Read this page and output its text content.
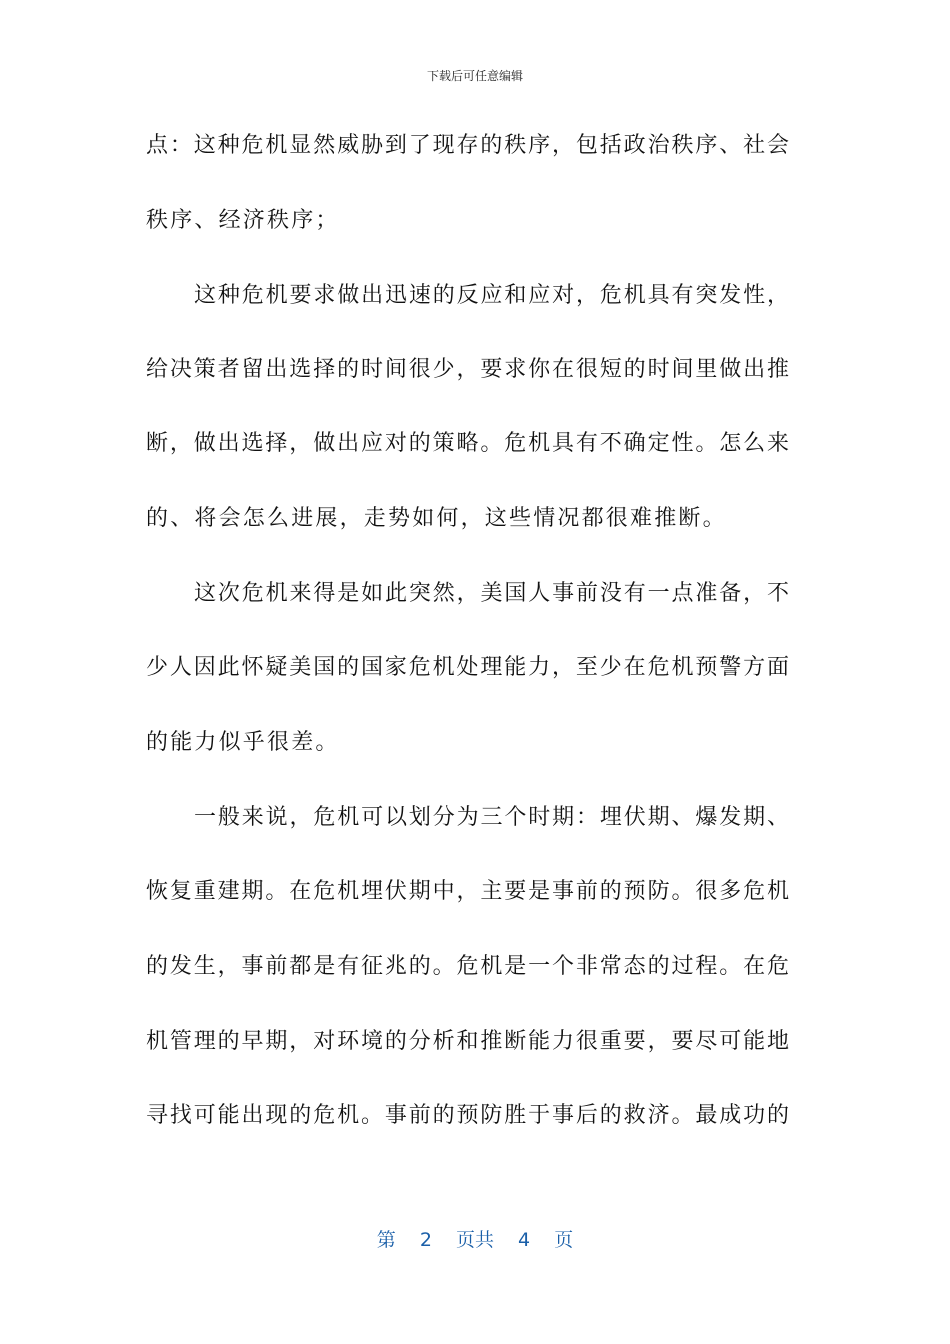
下载后可任意编辑
点：这种危机显然威胁到了现存的秩序，包括政治秩序、社会
秩序、经济秩序；
这种危机要求做出迅速的反应和应对，危机具有突发性，
给决策者留出选择的时间很少，要求你在很短的时间里做出推
断，做出选择，做出应对的策略。危机具有不确定性。怎么来
的、将会怎么进展，走势如何，这些情况都很难推断。
这次危机来得是如此突然，美国人事前没有一点准备，不
少人因此怀疑美国的国家危机处理能力，至少在危机预警方面
的能力似乎很差。
一般来说，危机可以划分为三个时期：埋伏期、爆发期、
恢复重建期。在危机埋伏期中，主要是事前的预防。很多危机
的发生，事前都是有征兆的。危机是一个非常态的过程。在危
机管理的早期，对环境的分析和推断能力很重要，要尽可能地
寻找可能出现的危机。事前的预防胜于事后的救济。最成功的
第 2 页共 4 页
